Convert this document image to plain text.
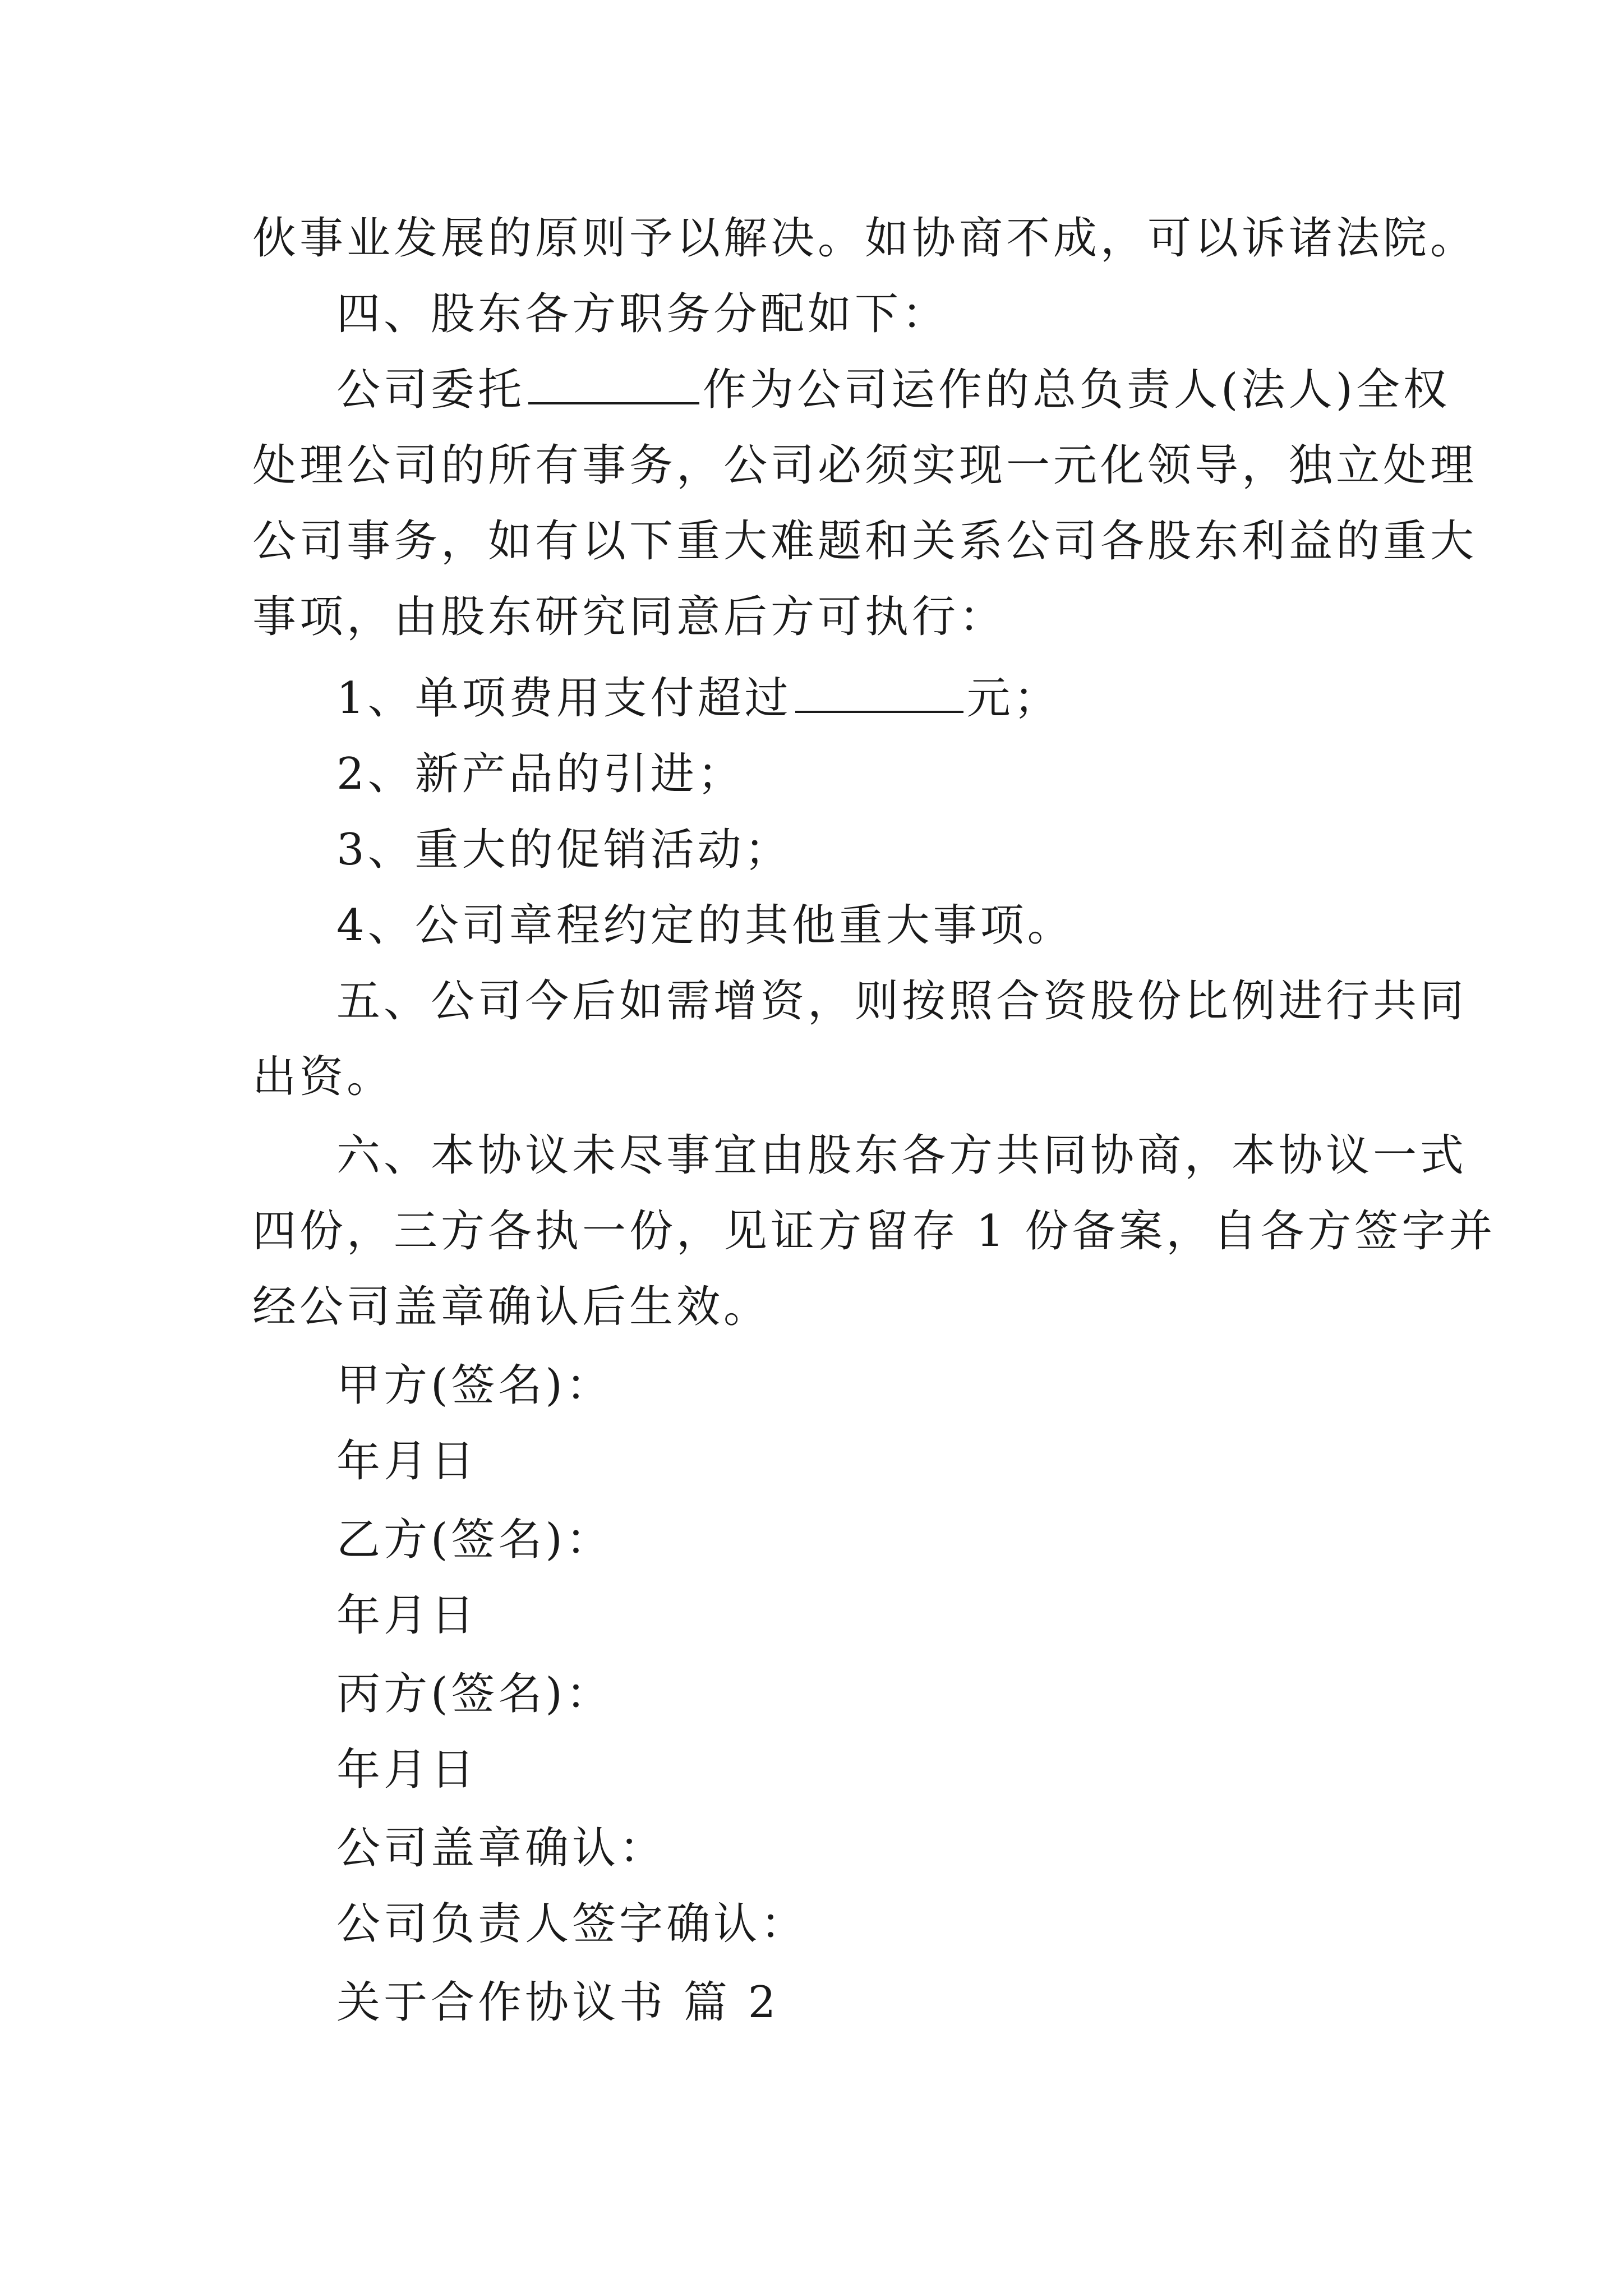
伙事业发展的原则予以解决。如协商不成，可以诉诸法院。

四、股东各方职务分配如下：

公司委托	作为公司运作的总负责人(法人)全权

处理公司的所有事务，公司必须实现一元化领导，独立处理

公司事务，如有以下重大难题和关系公司各股东利益的重大

事项，由股东研究同意后方可执行：

1、单项费用支付超过	元；

2、新产品的引进；

3、重大的促销活动；

4、公司章程约定的其他重大事项。

五、公司今后如需增资，则按照合资股份比例进行共同

出资。

六、本协议未尽事宜由股东各方共同协商，本协议一式

四份，三方各执一份，见证方留存 1 份备案，自各方签字并

经公司盖章确认后生效。

甲方(签名)：

年月日

乙方(签名)：

年月日

丙方(签名)：

年月日

公司盖章确认：

公司负责人签字确认：

关于合作协议书 篇 2
